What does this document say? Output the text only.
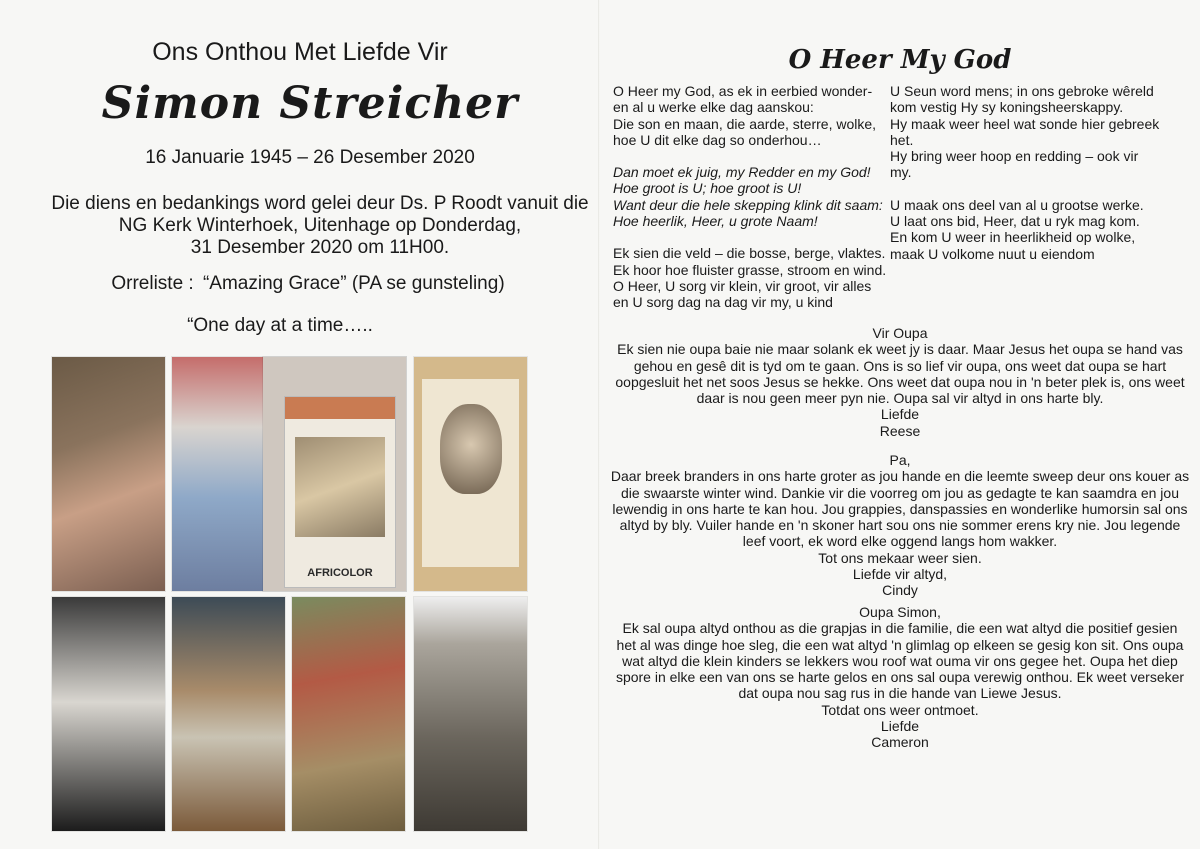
Ons Onthou Met Liefde Vir
Simon Streicher
16 Januarie 1945 – 26 Desember 2020
Die diens en bedankings word gelei deur Ds. P Roodt vanuit die
NG Kerk Winterhoek, Uitenhage op Donderdag,
31 Desember 2020 om 11H00.
Orreliste : “Amazing Grace” (PA se gunsteling)
“One day at a time…..
AFRICOLOR
O Heer My God
O Heer my God, as ek in eerbied wonder-
en al u werke elke dag aanskou:
Die son en maan, die aarde, sterre, wolke,
hoe U dit elke dag so onderhou…
Dan moet ek juig, my Redder en my God!
Hoe groot is U; hoe groot is U!
Want deur die hele skepping klink dit saam:
Hoe heerlik, Heer, u grote Naam!
Ek sien die veld – die bosse, berge, vlaktes.
Ek hoor hoe fluister grasse, stroom en wind.
O Heer, U sorg vir klein, vir groot, vir alles
en U sorg dag na dag vir my, u kind
U Seun word mens; in ons gebroke wêreld
kom vestig Hy sy koningsheerskappy.
Hy maak weer heel wat sonde hier gebreek
het.
Hy bring weer hoop en redding – ook vir
my.
U maak ons deel van al u grootse werke.
U laat ons bid, Heer, dat u ryk mag kom.
En kom U weer in heerlikheid op wolke,
maak U volkome nuut u eiendom
Vir Oupa
Ek sien nie oupa baie nie maar solank ek weet jy is daar. Maar Jesus het oupa se hand vas
gehou en gesê dit is tyd om te gaan. Ons is so lief vir oupa, ons weet dat oupa se hart
oopgesluit het net soos Jesus se hekke. Ons weet dat oupa nou in 'n beter plek is, ons weet
daar is nou geen meer pyn nie. Oupa sal vir altyd in ons harte bly.
Liefde
Reese
Pa,
Daar breek branders in ons harte groter as jou hande en die leemte sweep deur ons kouer as
die swaarste winter wind. Dankie vir die voorreg om jou as gedagte te kan saamdra en jou
lewendig in ons harte te kan hou. Jou grappies, danspassies en wonderlike humorsin sal ons
altyd by bly. Vuiler hande en 'n skoner hart sou ons nie sommer erens kry nie. Jou legende
leef voort, ek word elke oggend langs hom wakker.
Tot ons mekaar weer sien.
Liefde vir altyd,
Cindy
Oupa Simon,
Ek sal oupa altyd onthou as die grapjas in die familie, die een wat altyd die positief gesien
het al was dinge hoe sleg, die een wat altyd 'n glimlag op elkeen se gesig kon sit. Ons oupa
wat altyd die klein kinders se lekkers wou roof wat ouma vir ons gegee het. Oupa het diep
spore in elke een van ons se harte gelos en ons sal oupa verewig onthou. Ek weet verseker
dat oupa nou sag rus in die hande van Liewe Jesus.
Totdat ons weer ontmoet.
Liefde
Cameron
